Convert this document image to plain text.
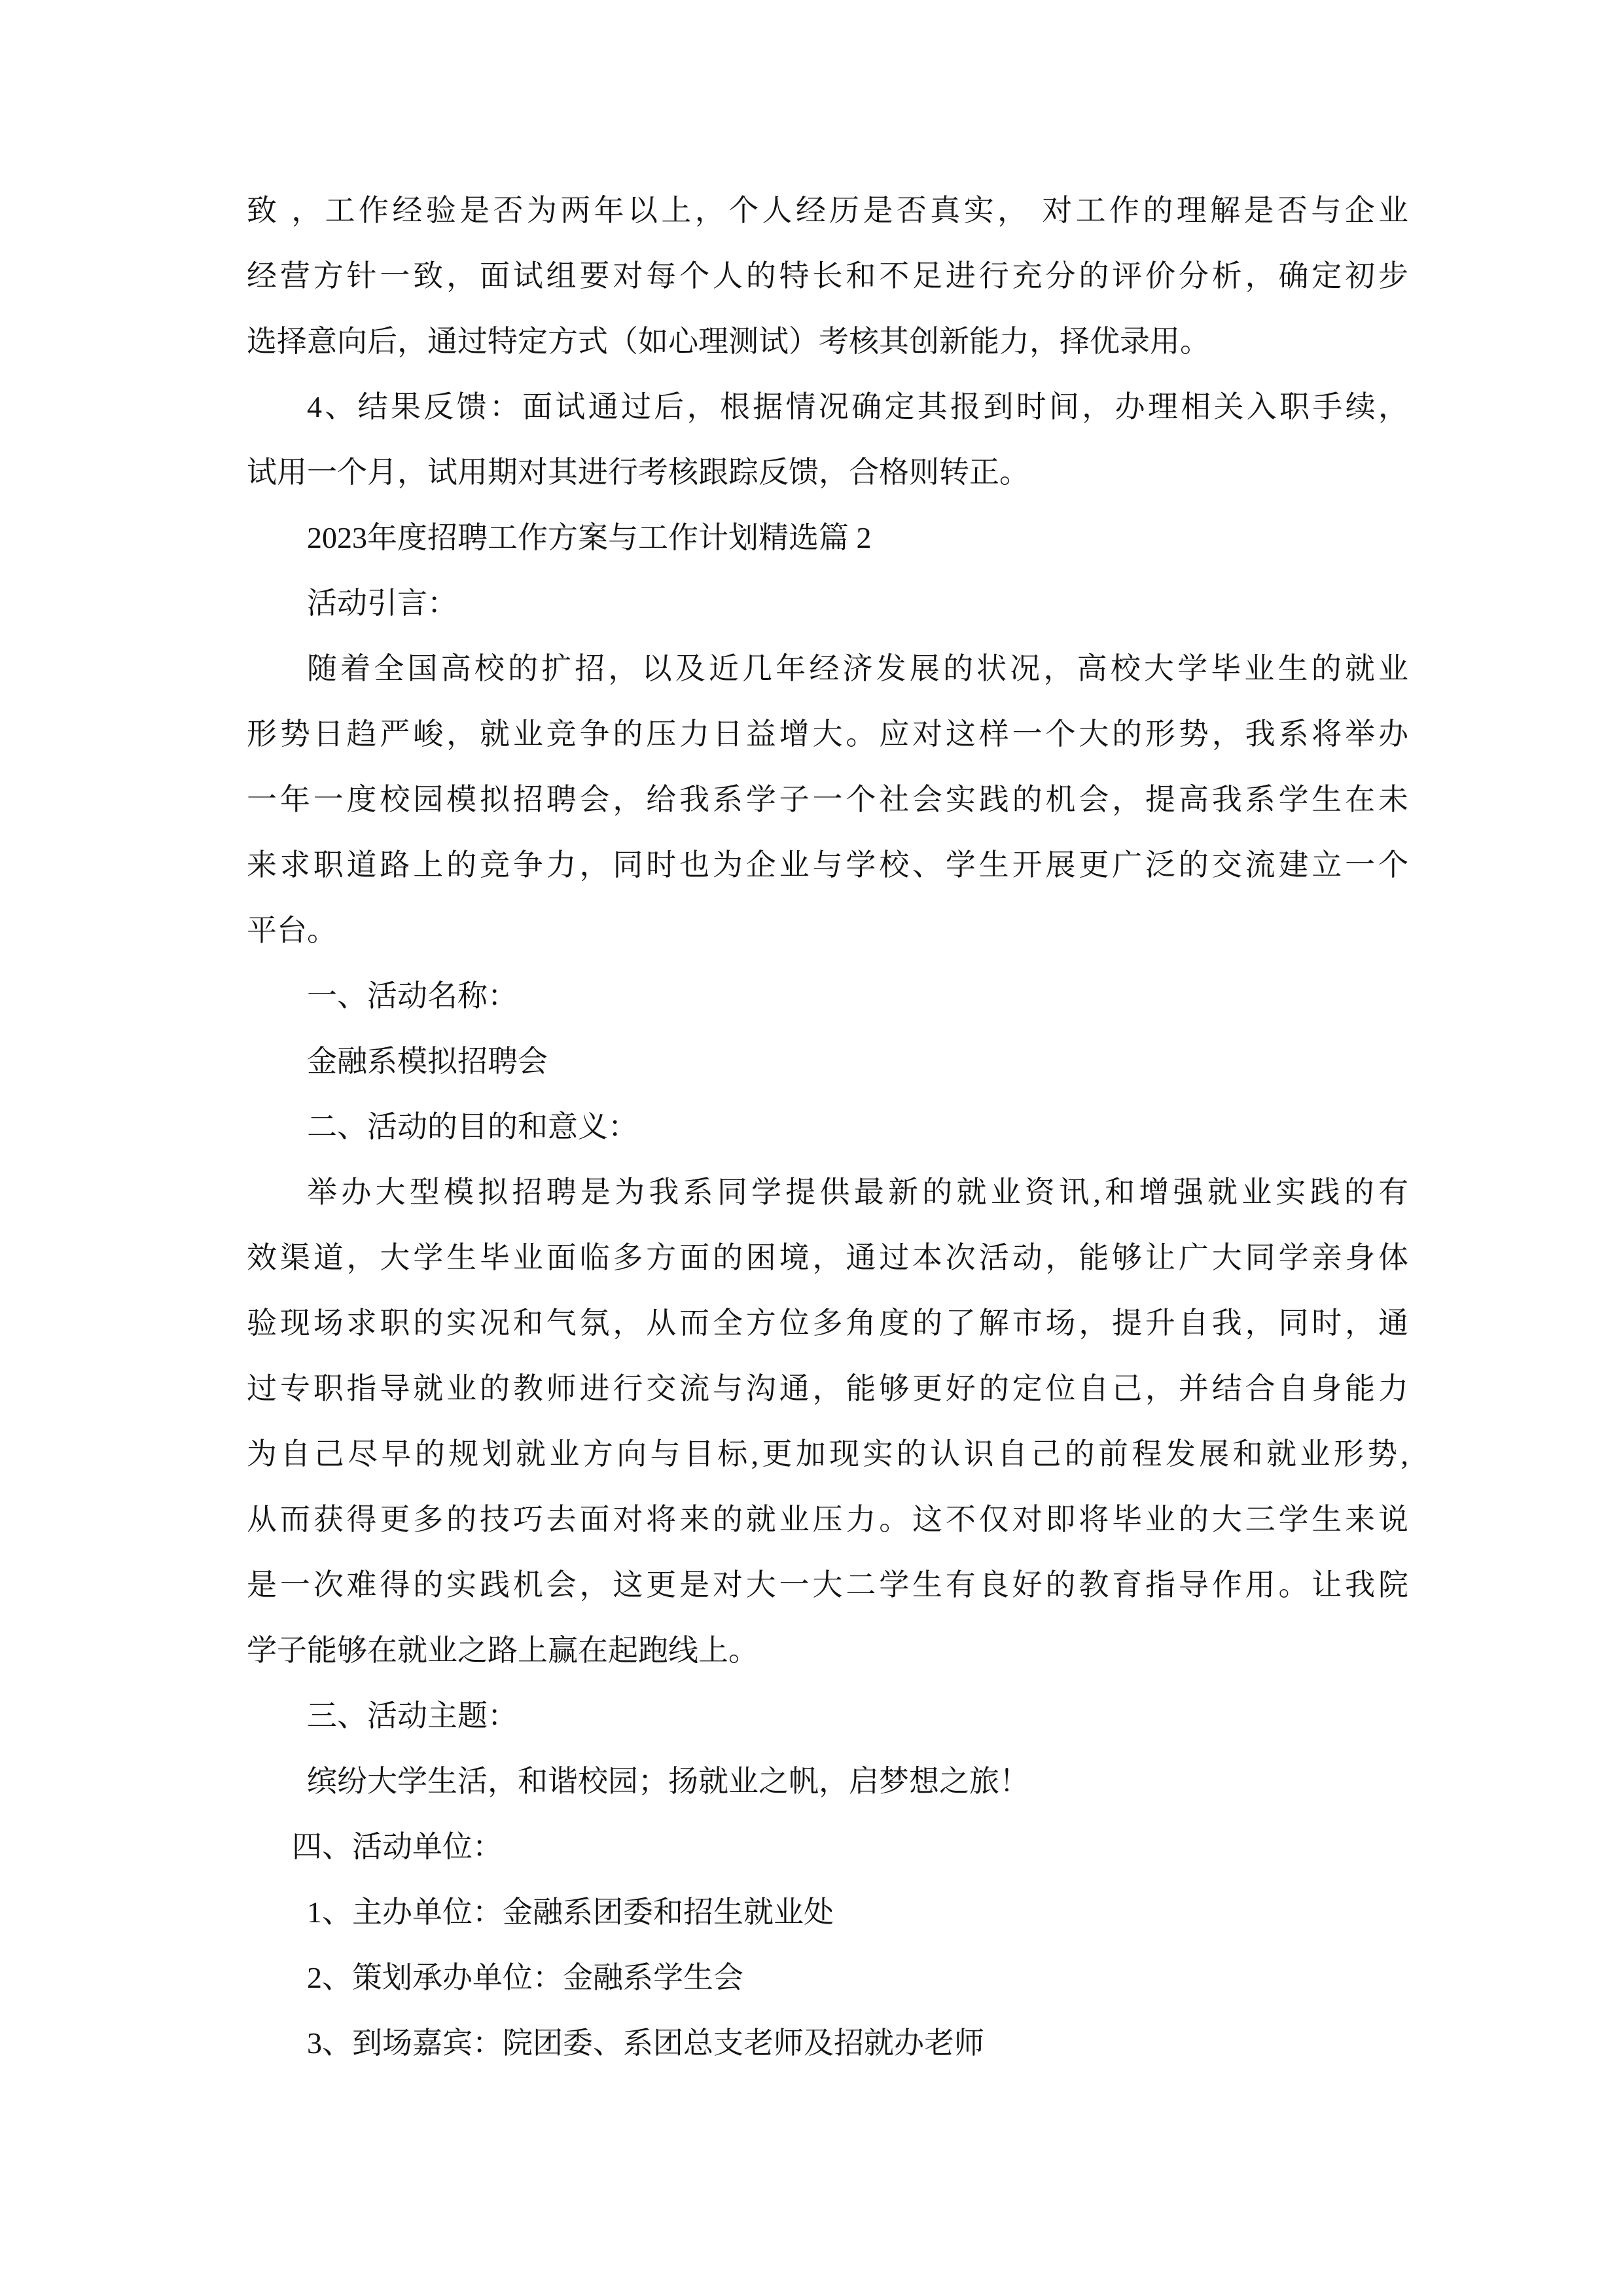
致 ，工作经验是否为两年以上，个人经历是否真实， 对工作的理解是否与企业
经营方针一致，面试组要对每个人的特长和不足进行充分的评价分析，确定初步
选择意向后，通过特定方式（如心理测试）考核其创新能力，择优录用。
4、结果反馈：面试通过后，根据情况确定其报到时间，办理相关入职手续，
试用一个月，试用期对其进行考核跟踪反馈，合格则转正。
2023年度招聘工作方案与工作计划精选篇 2
活动引言：
随着全国高校的扩招，以及近几年经济发展的状况，高校大学毕业生的就业
形势日趋严峻，就业竞争的压力日益增大。应对这样一个大的形势，我系将举办
一年一度校园模拟招聘会，给我系学子一个社会实践的机会，提高我系学生在未
来求职道路上的竞争力，同时也为企业与学校、学生开展更广泛的交流建立一个
平台。
一、活动名称：
金融系模拟招聘会
二、活动的目的和意义：
举办大型模拟招聘是为我系同学提供最新的就业资讯,和增强就业实践的有
效渠道，大学生毕业面临多方面的困境，通过本次活动，能够让广大同学亲身体
验现场求职的实况和气氛，从而全方位多角度的了解市场，提升自我，同时，通
过专职指导就业的教师进行交流与沟通，能够更好的定位自己，并结合自身能力
为自己尽早的规划就业方向与目标,更加现实的认识自己的前程发展和就业形势,
从而获得更多的技巧去面对将来的就业压力。这不仅对即将毕业的大三学生来说
是一次难得的实践机会，这更是对大一大二学生有良好的教育指导作用。让我院
学子能够在就业之路上赢在起跑线上。
三、活动主题：
缤纷大学生活，和谐校园；扬就业之帆，启梦想之旅！
四、活动单位：
1、主办单位：金融系团委和招生就业处
2、策划承办单位：金融系学生会
3、到场嘉宾：院团委、系团总支老师及招就办老师
